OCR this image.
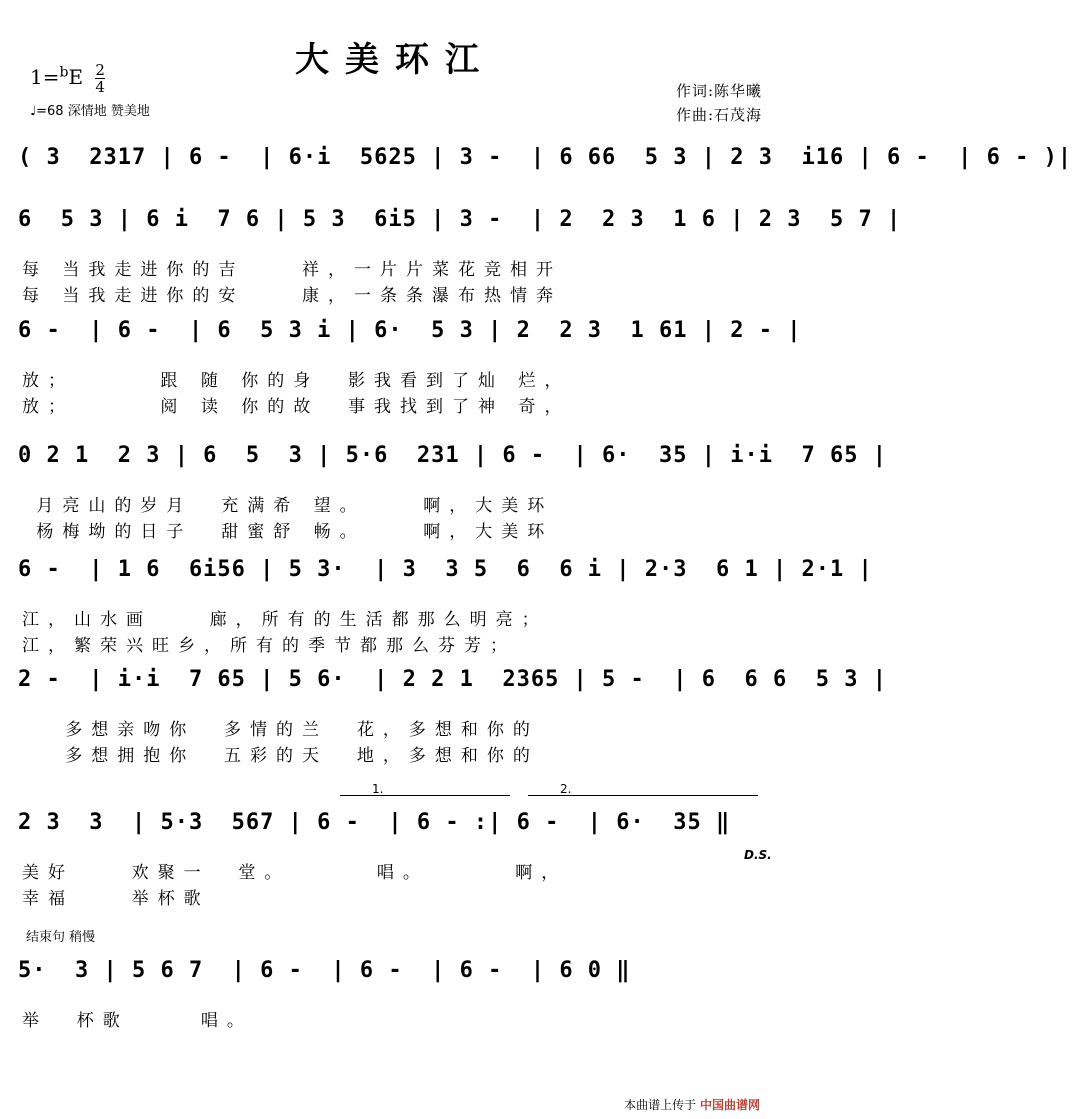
大美环江
$1=^bE \frac{2}{4}$
♩=68 深情地 赞美地
作词:陈华曦
作曲:石茂海
( 3  2317 | 6 -  | 6·i  5625 | 3 -  | 6 66  5 3 | 2 3  i16 | 6 -  | 6 - )|
6  5 3 | 6 i  7 6 | 5 3  6i5 | 3 -  | 2  2 3  1 6 | 2 3  5 7 |
每 当我走进你的吉    祥，一片片菜花竞相开
每 当我走进你的安    康，一条条瀑布热情奔
6 -  | 6 -  | 6  5 3 i | 6·  5 3 | 2  2 3  1 61 | 2 - |
放；      跟 随 你的身  影我看到了灿 烂，
放；      阅 读 你的故  事我找到了神 奇，
0 2 1  2 3 | 6  5  3 | 5·6  231 | 6 -  | 6·  35 | i·i  7 65 |
月亮山的岁月  充满希 望。    啊，大美环
杨梅坳的日子  甜蜜舒 畅。    啊，大美环
6 -  | 1 6  6i56 | 5 3·  | 3  3 5  6  6 i | 2·3  6 1 | 2·1 |
江，山水画    廊，所有的生活都那么明亮；
江，繁荣兴旺乡，所有的季节都那么芬芳；
2 -  | i·i  7 65 | 5 6·  | 2 2 1  2365 | 5 -  | 6  6 6  5 3 |
多想亲吻你  多情的兰  花，多想和你的
多想拥抱你  五彩的天  地，多想和你的
2 3  3  | 5·3  567 | 6 -  | 6 - :| 6 -  | 6·  35 ‖
美好    欢聚一  堂。      唱。      啊，
幸福    举杯歌
5·  3 | 5 6 7  | 6 -  | 6 -  | 6 -  | 6 0 ‖
举  杯歌     唱。
1.	2.
D.S.
结束句 稍慢
本曲谱上传于 中国曲谱网
